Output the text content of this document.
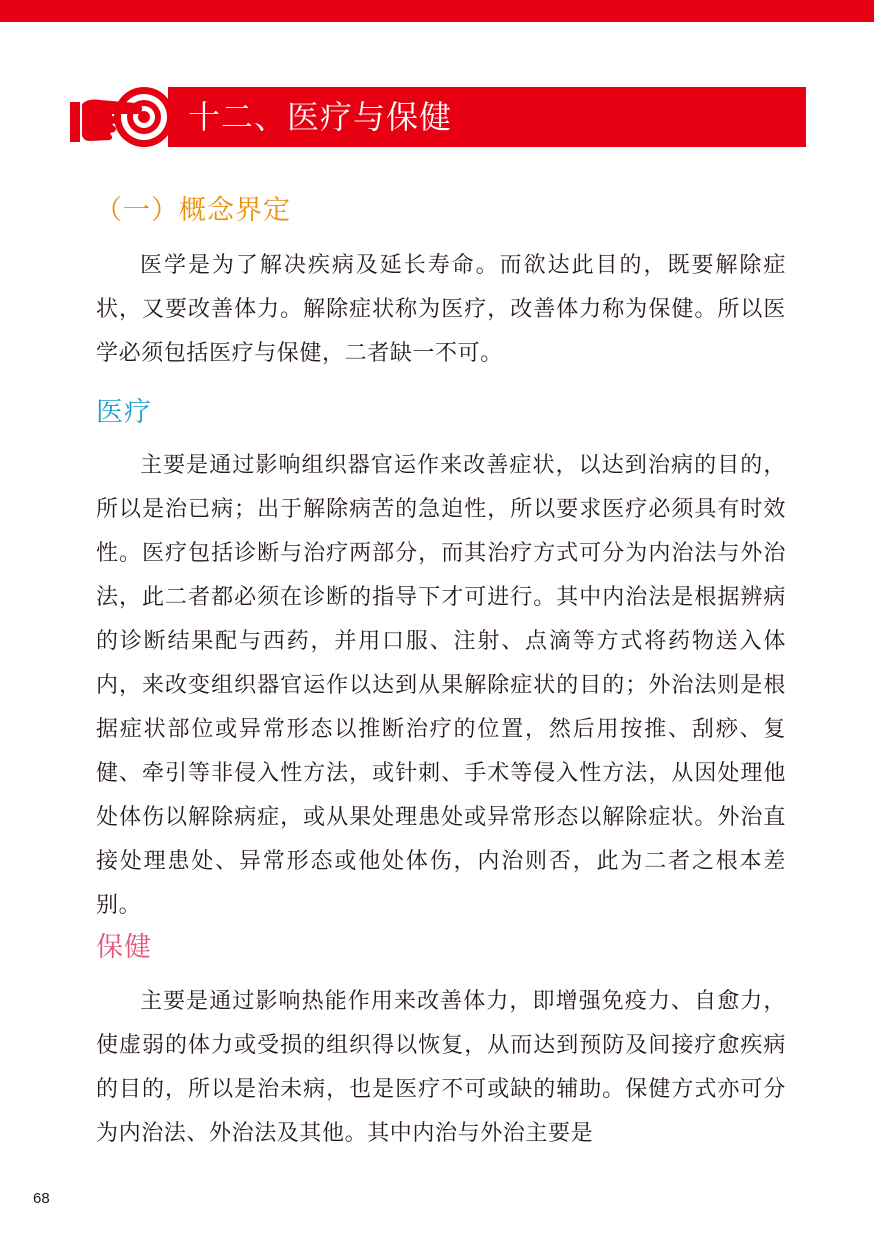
十二、医疗与保健
（一）概念界定

医学是为了解决疾病及延长寿命。而欲达此目的，既要解除症状，又要改善体力。解除症状称为医疗，改善体力称为保健。所以医学必须包括医疗与保健，二者缺一不可。

医疗

主要是通过影响组织器官运作来改善症状，以达到治病的目的，所以是治已病；出于解除病苦的急迫性，所以要求医疗必须具有时效性。医疗包括诊断与治疗两部分，而其治疗方式可分为内治法与外治法，此二者都必须在诊断的指导下才可进行。其中内治法是根据辨病的诊断结果配与西药，并用口服、注射、点滴等方式将药物送入体内，来改变组织器官运作以达到从果解除症状的目的；外治法则是根据症状部位或异常形态以推断治疗的位置，然后用按推、刮痧、复健、牵引等非侵入性方法，或针刺、手术等侵入性方法，从因处理他处体伤以解除病症，或从果处理患处或异常形态以解除症状。外治直接处理患处、异常形态或他处体伤，内治则否，此为二者之根本差别。

保健

主要是通过影响热能作用来改善体力，即增强免疫力、自愈力，使虚弱的体力或受损的组织得以恢复，从而达到预防及间接疗愈疾病的目的，所以是治未病，也是医疗不可或缺的辅助。保健方式亦可分为内治法、外治法及其他。其中内治与外治主要是

68
